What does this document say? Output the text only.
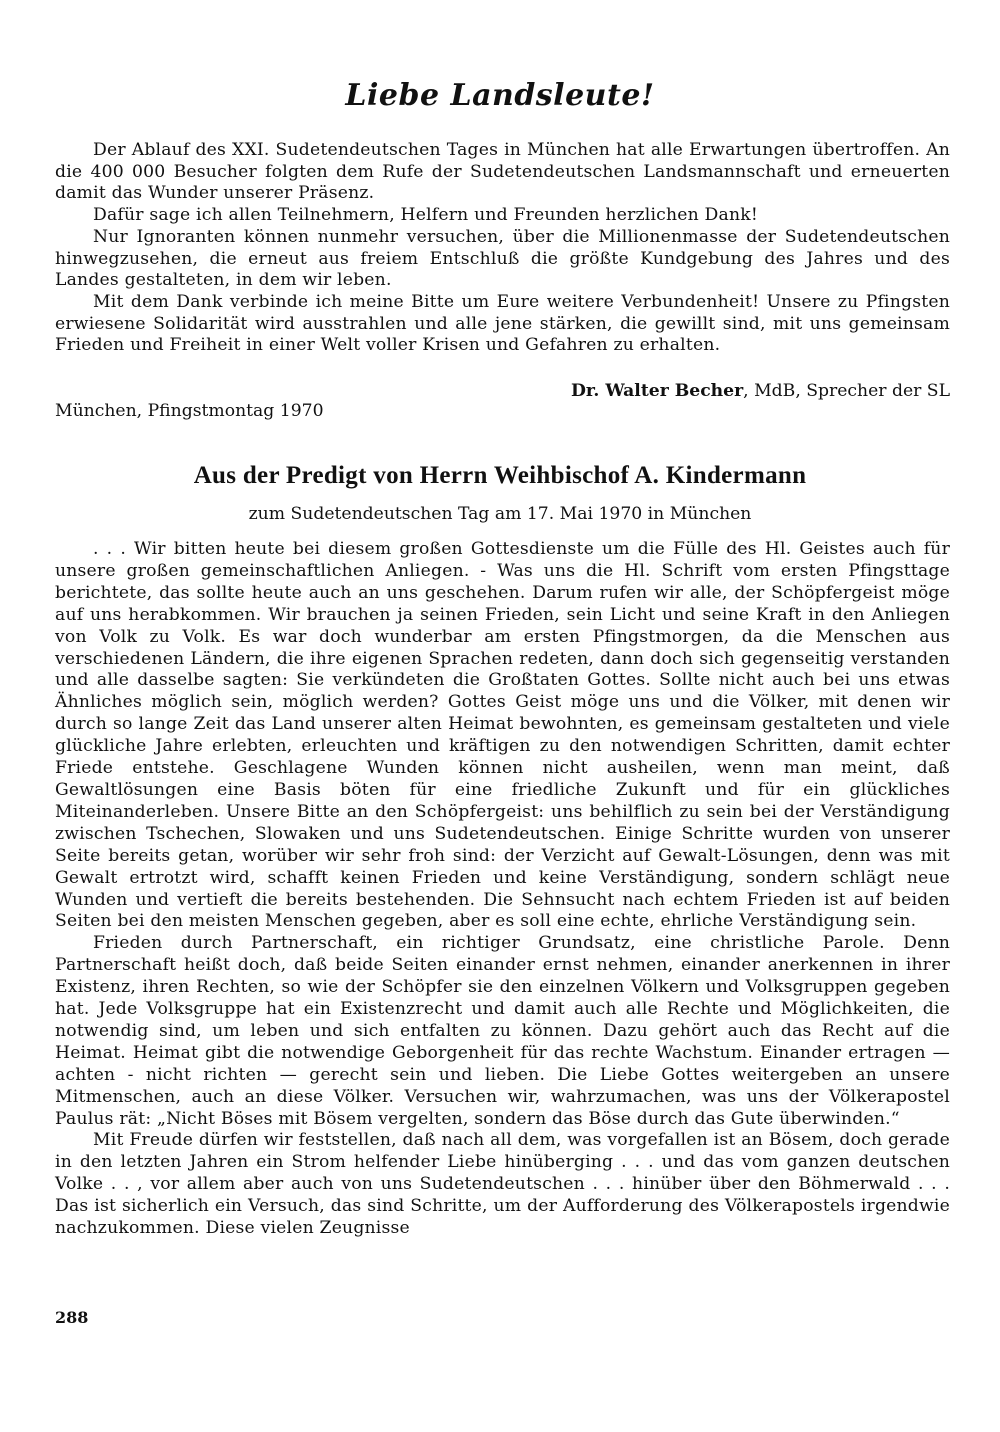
Liebe Landsleute!

Der Ablauf des XXI. Sudetendeutschen Tages in München hat alle Erwartungen übertroffen. An die 400 000 Besucher folgten dem Rufe der Sudetendeutschen Landsmannschaft und erneuerten damit das Wunder unserer Präsenz.

Dafür sage ich allen Teilnehmern, Helfern und Freunden herzlichen Dank!

Nur Ignoranten können nunmehr versuchen, über die Millionenmasse der Sudetendeutschen hinwegzusehen, die erneut aus freiem Entschluß die größte Kundgebung des Jahres und des Landes gestalteten, in dem wir leben.

Mit dem Dank verbinde ich meine Bitte um Eure weitere Verbundenheit! Unsere zu Pfingsten erwiesene Solidarität wird ausstrahlen und alle jene stärken, die gewillt sind, mit uns gemeinsam Frieden und Freiheit in einer Welt voller Krisen und Gefahren zu erhalten.

Dr. Walter Becher, MdB, Sprecher der SL
München, Pfingstmontag 1970
Aus der Predigt von Herrn Weihbischof A. Kindermann
zum Sudetendeutschen Tag am 17. Mai 1970 in München

. . . Wir bitten heute bei diesem großen Gottesdienste um die Fülle des Hl. Geistes auch für unsere großen gemeinschaftlichen Anliegen. - Was uns die Hl. Schrift vom ersten Pfingsttage berichtete, das sollte heute auch an uns geschehen. Darum rufen wir alle, der Schöpfergeist möge auf uns herabkommen. Wir brauchen ja seinen Frieden, sein Licht und seine Kraft in den Anliegen von Volk zu Volk. Es war doch wunderbar am ersten Pfingstmorgen, da die Menschen aus verschiedenen Ländern, die ihre eigenen Sprachen redeten, dann doch sich gegenseitig verstanden und alle dasselbe sagten: Sie verkündeten die Großtaten Gottes. Sollte nicht auch bei uns etwas Ähnliches möglich sein, möglich werden? Gottes Geist möge uns und die Völker, mit denen wir durch so lange Zeit das Land unserer alten Heimat bewohnten, es gemeinsam gestalteten und viele glückliche Jahre erlebten, erleuchten und kräftigen zu den notwendigen Schritten, damit echter Friede entstehe. Geschlagene Wunden können nicht ausheilen, wenn man meint, daß Gewaltlösungen eine Basis böten für eine friedliche Zukunft und für ein glückliches Miteinanderleben. Unsere Bitte an den Schöpfergeist: uns behilflich zu sein bei der Verständigung zwischen Tschechen, Slowaken und uns Sudetendeutschen. Einige Schritte wurden von unserer Seite bereits getan, worüber wir sehr froh sind: der Verzicht auf Gewalt-Lösungen, denn was mit Gewalt ertrotzt wird, schafft keinen Frieden und keine Verständigung, sondern schlägt neue Wunden und vertieft die bereits bestehenden. Die Sehnsucht nach echtem Frieden ist auf beiden Seiten bei den meisten Menschen gegeben, aber es soll eine echte, ehrliche Verständigung sein.

Frieden durch Partnerschaft, ein richtiger Grundsatz, eine christliche Parole. Denn Partnerschaft heißt doch, daß beide Seiten einander ernst nehmen, einander anerkennen in ihrer Existenz, ihren Rechten, so wie der Schöpfer sie den einzelnen Völkern und Volksgruppen gegeben hat. Jede Volksgruppe hat ein Existenzrecht und damit auch alle Rechte und Möglichkeiten, die notwendig sind, um leben und sich entfalten zu können. Dazu gehört auch das Recht auf die Heimat. Heimat gibt die notwendige Geborgenheit für das rechte Wachstum. Einander ertragen — achten - nicht richten — gerecht sein und lieben. Die Liebe Gottes weitergeben an unsere Mitmenschen, auch an diese Völker. Versuchen wir, wahrzumachen, was uns der Völkerapostel Paulus rät: „Nicht Böses mit Bösem vergelten, sondern das Böse durch das Gute überwinden.“

Mit Freude dürfen wir feststellen, daß nach all dem, was vorgefallen ist an Bösem, doch gerade in den letzten Jahren ein Strom helfender Liebe hinüberging . . . und das vom ganzen deutschen Volke . . , vor allem aber auch von uns Sudetendeutschen . . . hinüber über den Böhmerwald . . . Das ist sicherlich ein Versuch, das sind Schritte, um der Aufforderung des Völkerapostels irgendwie nachzukommen. Diese vielen Zeugnisse

288
